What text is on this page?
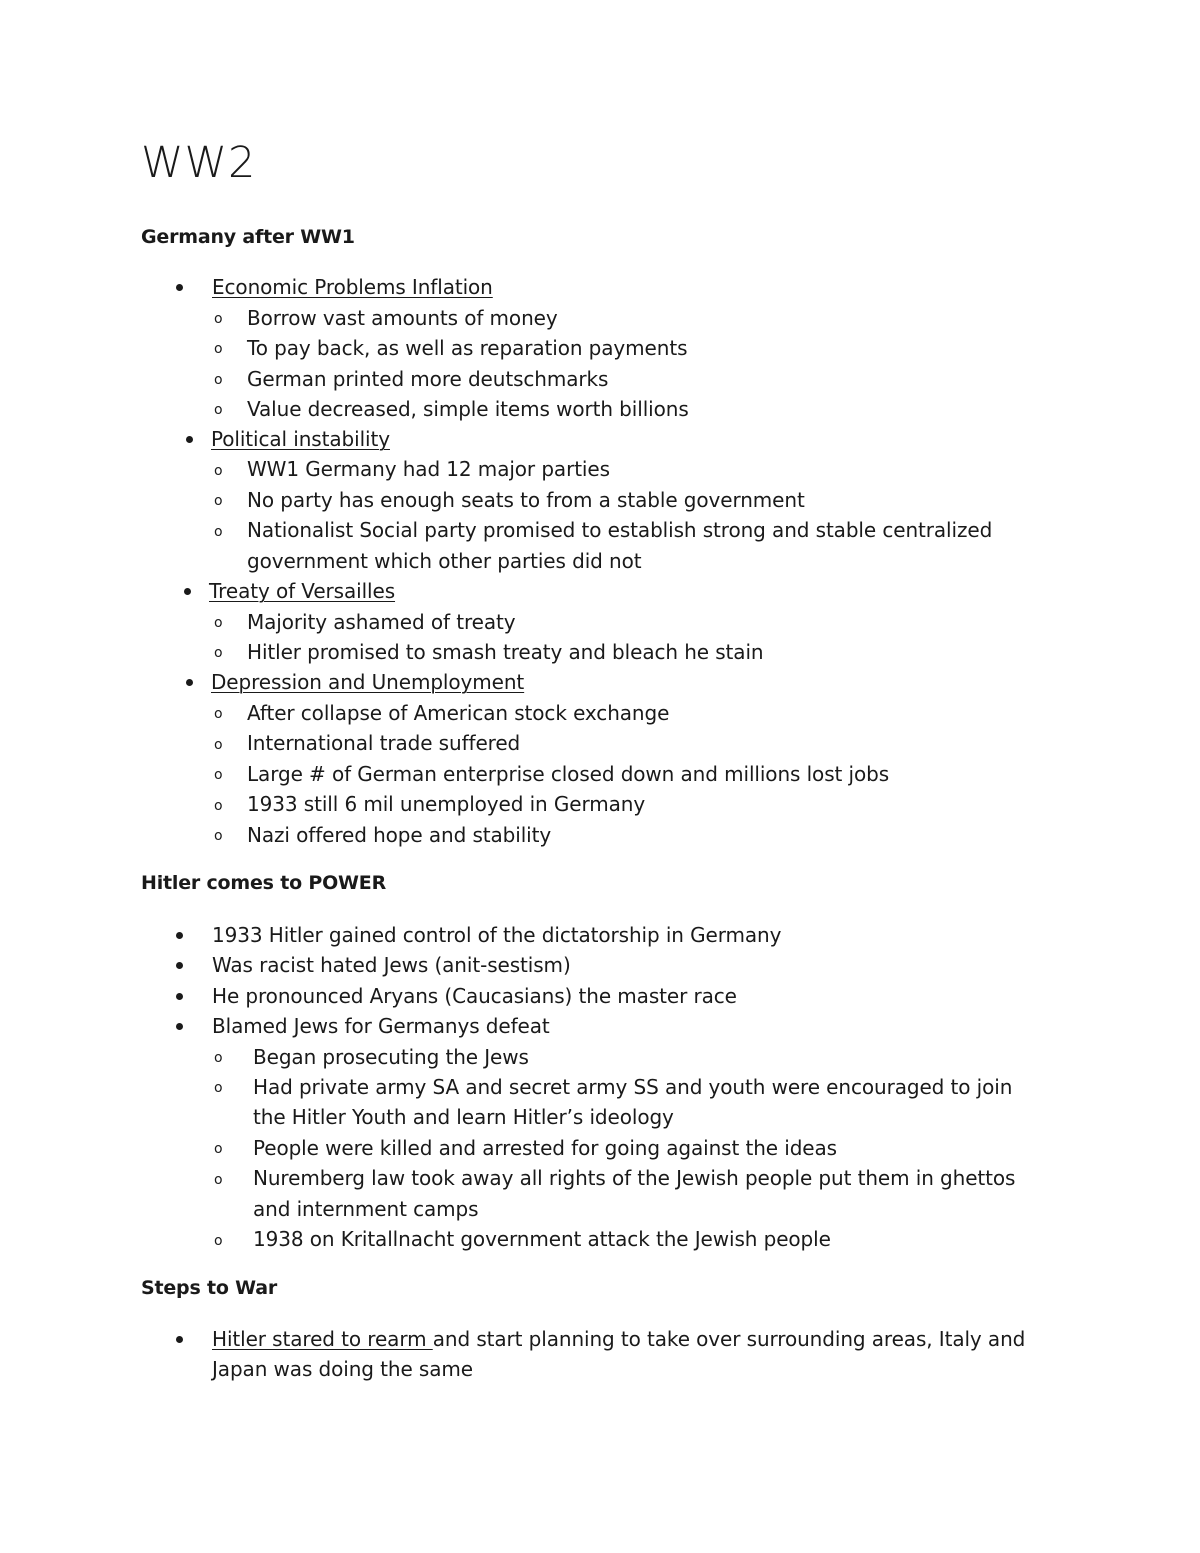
WW2
Germany after WW1
Economic Problems Inflation
o Borrow vast amounts of money
o To pay back, as well as reparation payments
o German printed more deutschmarks
o Value decreased, simple items worth billions
Political instability
o WW1 Germany had 12 major parties
o No party has enough seats to from a stable government
o Nationalist Social party promised to establish strong and stable centralized
government which other parties did not
Treaty of Versailles
o Majority ashamed of treaty
o Hitler promised to smash treaty and bleach he stain
Depression and Unemployment
o After collapse of American stock exchange
o International trade suffered
o Large # of German enterprise closed down and millions lost jobs
o 1933 still 6 mil unemployed in Germany
o Nazi offered hope and stability
Hitler comes to POWER
1933 Hitler gained control of the dictatorship in Germany
Was racist hated Jews (anit-sestism)
He pronounced Aryans (Caucasians) the master race
Blamed Jews for Germanys defeat
o Began prosecuting the Jews
o Had private army SA and secret army SS and youth were encouraged to join
the Hitler Youth and learn Hitler’s ideology
o People were killed and arrested for going against the ideas
o Nuremberg law took away all rights of the Jewish people put them in ghettos
and internment camps
o 1938 on Kritallnacht government attack the Jewish people
Steps to War
Hitler stared to rearm and start planning to take over surrounding areas, Italy and
Japan was doing the same
